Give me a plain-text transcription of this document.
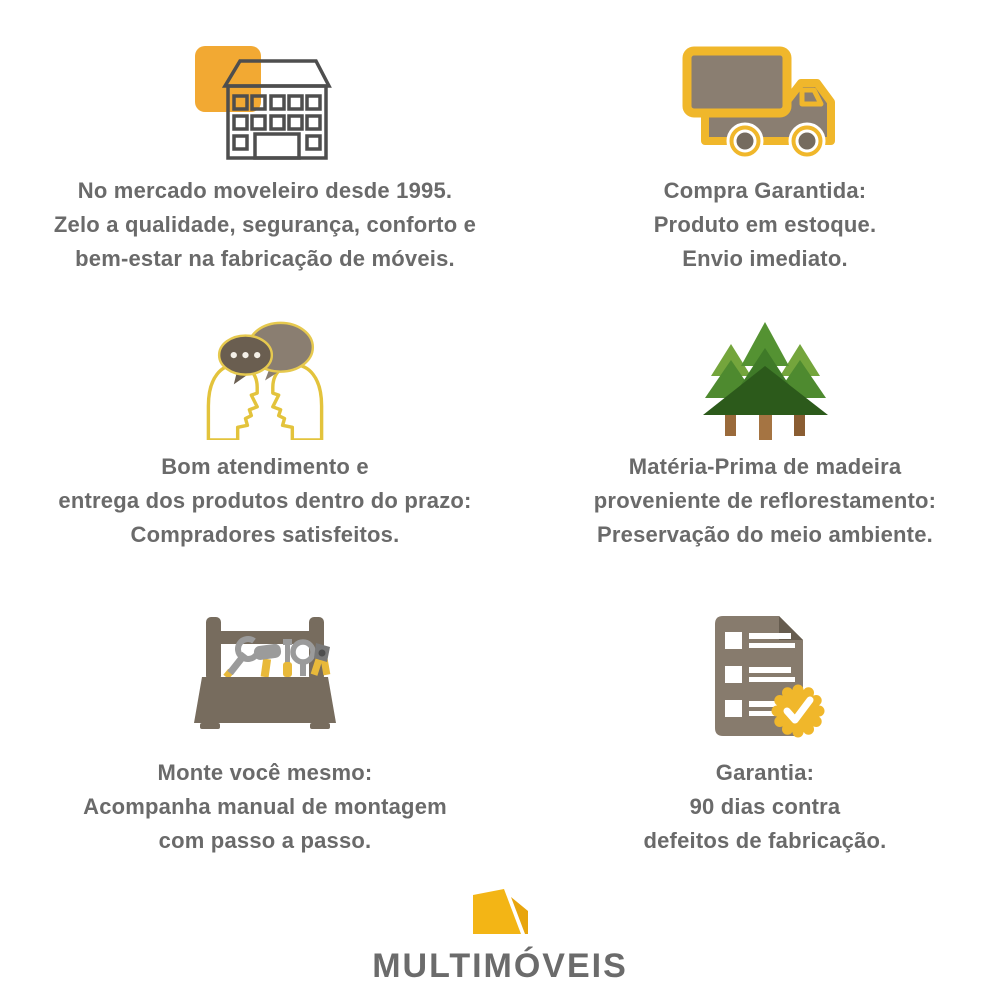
No mercado moveleiro desde 1995.

Zelo a qualidade, segurança, conforto e

bem-estar na fabricação de móveis.

Compra Garantida:

Produto em estoque.

Envio imediato.

Bom atendimento e

entrega dos produtos dentro do prazo:

Compradores satisfeitos.

Matéria-Prima de madeira

proveniente de reflorestamento:

Preservação do meio ambiente.

Monte você mesmo:

Acompanha manual de montagem

com passo a passo.

Garantia:

90 dias contra

defeitos de fabricação.

MULTIMÓVEIS
